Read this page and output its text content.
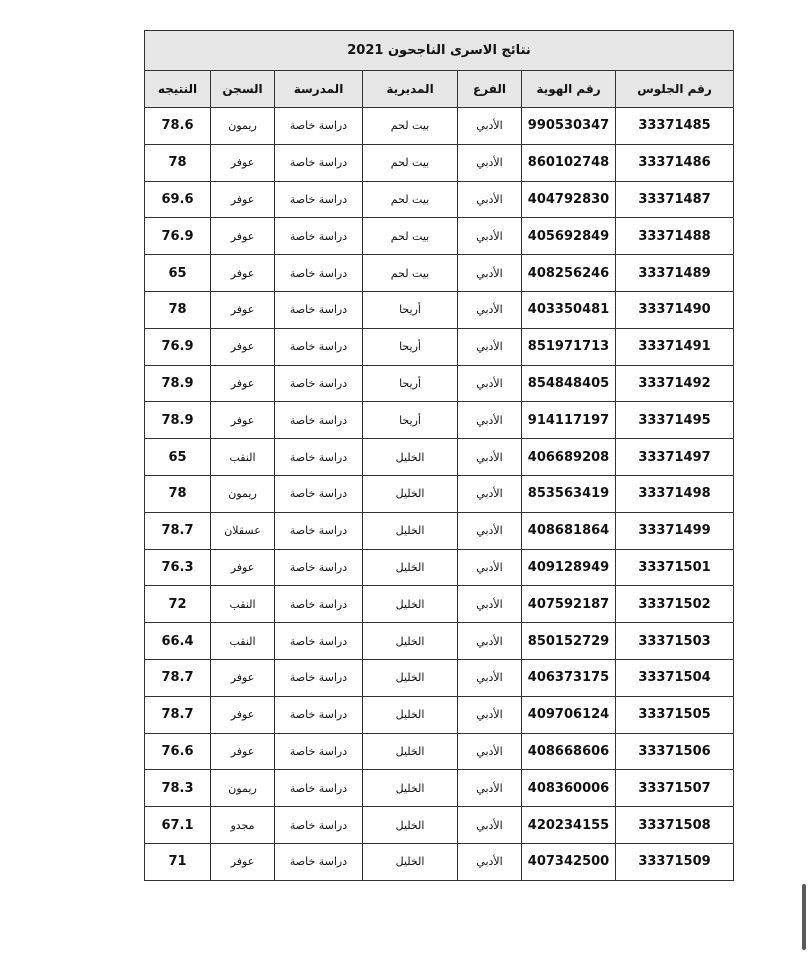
نتائج الاسرى الناجحون 2021						
رقم الجلوس	رقم الهوية	الفرع	المديرية	المدرسة	السجن	النتيجه
33371485	990530347	الأدبي	بيت لحم	دراسة خاصة	ريمون	78.6
33371486	860102748	الأدبي	بيت لحم	دراسة خاصة	عوفر	78
33371487	404792830	الأدبي	بيت لحم	دراسة خاصة	عوفر	69.6
33371488	405692849	الأدبي	بيت لحم	دراسة خاصة	عوفر	76.9
33371489	408256246	الأدبي	بيت لحم	دراسة خاصة	عوفر	65
33371490	403350481	الأدبي	أريحا	دراسة خاصة	عوفر	78
33371491	851971713	الأدبي	أريحا	دراسة خاصة	عوفر	76.9
33371492	854848405	الأدبي	أريحا	دراسة خاصة	عوفر	78.9
33371495	914117197	الأدبي	أريحا	دراسة خاصة	عوفر	78.9
33371497	406689208	الأدبي	الخليل	دراسة خاصة	النقب	65
33371498	853563419	الأدبي	الخليل	دراسة خاصة	ريمون	78
33371499	408681864	الأدبي	الخليل	دراسة خاصة	عسقلان	78.7
33371501	409128949	الأدبي	الخليل	دراسة خاصة	عوفر	76.3
33371502	407592187	الأدبي	الخليل	دراسة خاصة	النقب	72
33371503	850152729	الأدبي	الخليل	دراسة خاصة	النقب	66.4
33371504	406373175	الأدبي	الخليل	دراسة خاصة	عوفر	78.7
33371505	409706124	الأدبي	الخليل	دراسة خاصة	عوفر	78.7
33371506	408668606	الأدبي	الخليل	دراسة خاصة	عوفر	76.6
33371507	408360006	الأدبي	الخليل	دراسة خاصة	ريمون	78.3
33371508	420234155	الأدبي	الخليل	دراسة خاصة	مجدو	67.1
33371509	407342500	الأدبي	الخليل	دراسة خاصة	عوفر	71
